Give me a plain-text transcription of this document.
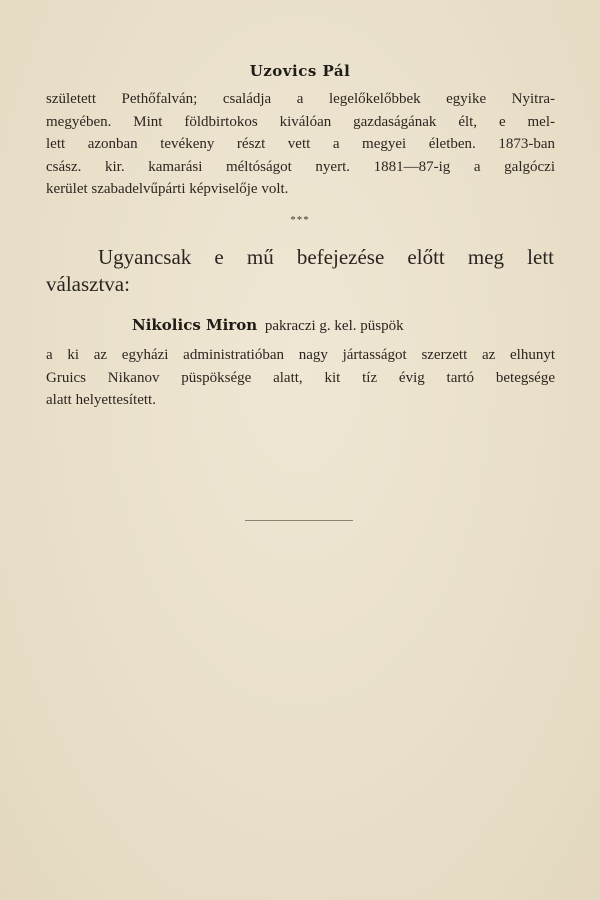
Uzovics Pál
született Pethőfalván; családja a legelőkelőbbek egyike Nyitra-
megyében. Mint földbirtokos kiválóan gazdaságának élt, e mel-
lett azonban tevékeny részt vett a megyei életben. 1873-ban
csász. kir. kamarási méltóságot nyert. 1881—87-ig a galgóczi
kerület szabadelvűpárti képviselője volt.
***
Ugyancsak e mű befejezése előtt meg lett
választva:
Nikolics Miron pakraczi g. kel. püspök
a ki az egyházi administratióban nagy jártasságot szerzett az elhunyt
Gruics Nikanov püspöksége alatt, kit tíz évig tartó betegsége
alatt helyettesített.
